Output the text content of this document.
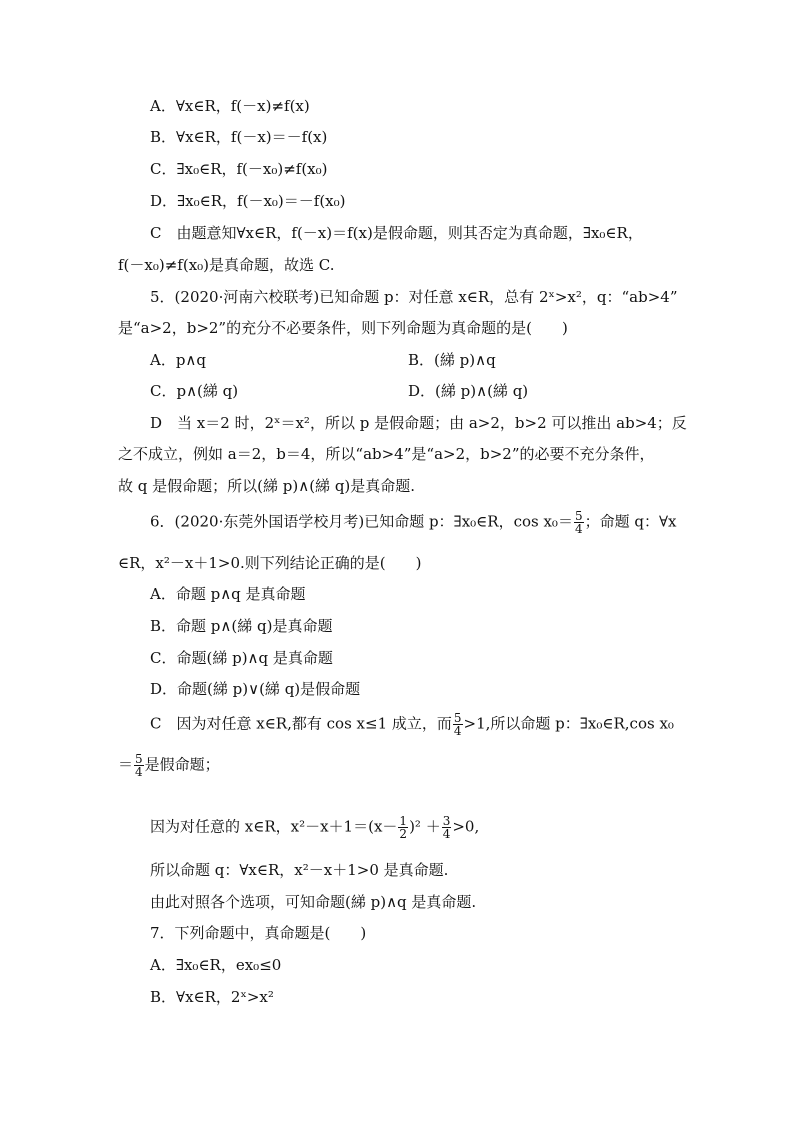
A．∀x∈R，f(－x)≠f(x)
B．∀x∈R，f(－x)＝－f(x)
C．∃x₀∈R，f(－x₀)≠f(x₀)
D．∃x₀∈R，f(－x₀)＝－f(x₀)
C　由题意知∀x∈R，f(－x)＝f(x)是假命题，则其否定为真命题，∃x₀∈R，
f(－x₀)≠f(x₀)是真命题，故选 C.
5．(2020·河南六校联考)已知命题 p：对任意 x∈R，总有 2ˣ>x²，q：“ab>4”
是“a>2，b>2”的充分不必要条件，则下列命题为真命题的是(　　)
A．p∧q	B．(綈 p)∧q
C．p∧(綈 q)	D．(綈 p)∧(綈 q)
D　当 x＝2 时，2ˣ＝x²，所以 p 是假命题；由 a>2，b>2 可以推出 ab>4；反
之不成立，例如 a＝2，b＝4，所以“ab>4”是“a>2，b>2”的必要不充分条件，
故 q 是假命题；所以(綈 p)∧(綈 q)是真命题.
6．(2020·东莞外国语学校月考)已知命题 p：∃x₀∈R，$\cos x_0= \frac{5}{4}$ ；命题 q：∀x
∈R，x²－x＋1>0.则下列结论正确的是(　　)
A．命题 p∧q 是真命题
B．命题 p∧(綈 q)是真命题
C．命题(綈 p)∧q 是真命题
D．命题(綈 p)∨(綈 q)是假命题
C　因为对任意 x∈R,都有 cos x≤1 成立，而 $\frac{5}{4} >1$,所以命题 p：∃x₀∈R,cos x₀
＝ $\frac{5}{4}$ 是假命题；
因为对任意的 x∈R，$x^2-x+1=(x- \frac{1}{2} )^2 + \frac{3}{4} >0$,
所以命题 q：∀x∈R，x²－x＋1>0 是真命题.
由此对照各个选项，可知命题(綈 p)∧q 是真命题.
7．下列命题中，真命题是(　　)
A．∃x₀∈R，ex₀≤0
B．∀x∈R，2ˣ>x²
